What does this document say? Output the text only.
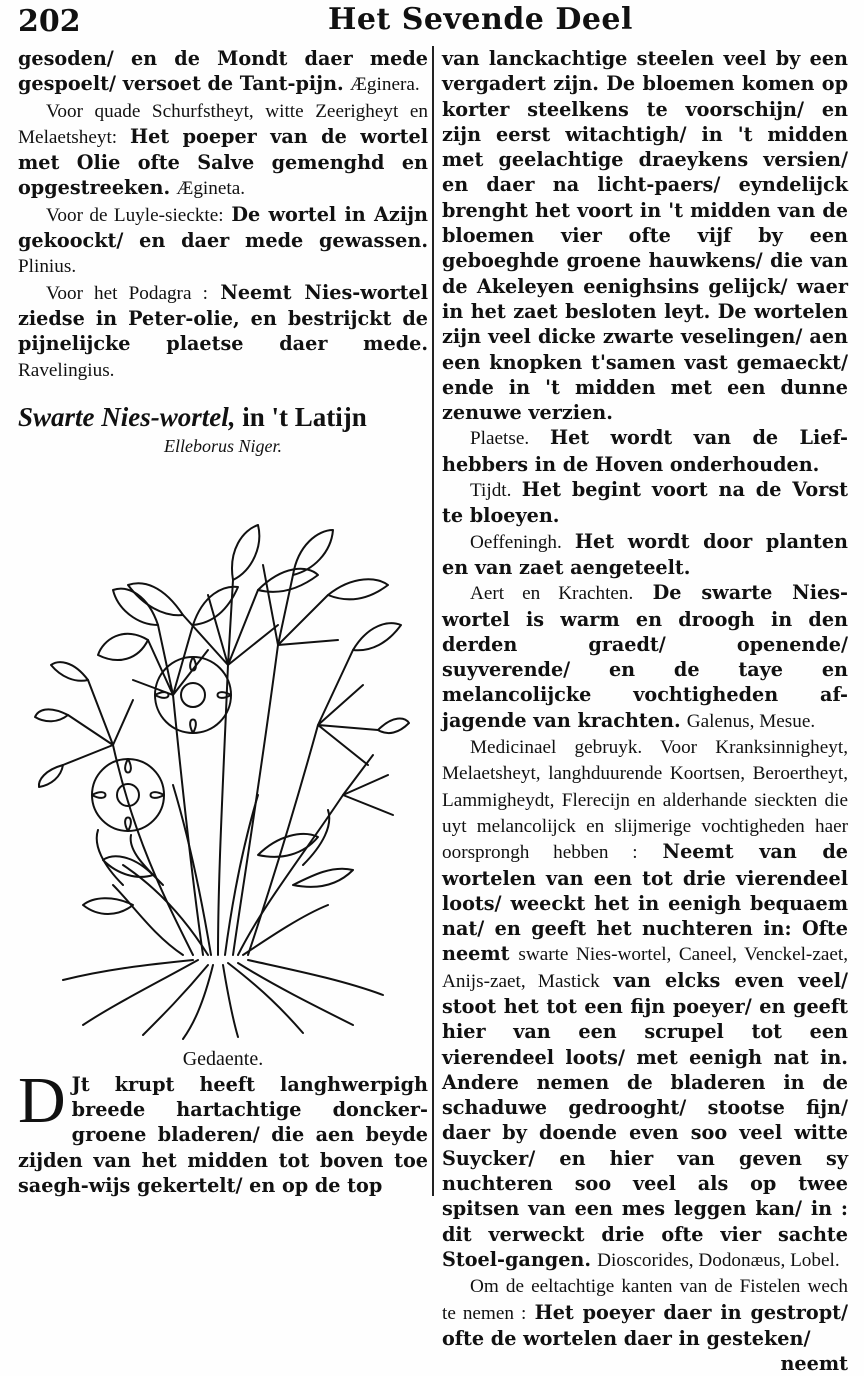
202	Het Sevende Deel

gesoden/ en de Mondt daer mede gespoelt/ versoet de Tant-pijn. Æginera.

Voor quade Schurfstheyt, witte Zeerigheyt en Melaetsheyt: Het poeper van de wortel met Olie ofte Salve gemenghd en opgestreeken. Ægineta.

Voor de Luyle-sieckte: De wortel in Azijn gekoockt/ en daer mede gewassen. Plinius.

Voor het Podagra : Neemt Nies-wortel ziedse in Peter-olie, en bestrijckt de pijnelijcke plaetse daer mede. Ravelingius.

Swarte Nies-wortel, in 't Latijn
Elleborus Niger.
Gedaente.

D Jt krupt heeft langhwerpigh breede hartachtige doncker-groene bladeren/ die aen beyde zijden van het midden tot boven toe saegh-wijs gekertelt/ en op de top

van lanckachtige steelen veel by een vergadert zijn. De bloemen komen op korter steelkens te voorschijn/ en zijn eerst witachtigh/ in 't midden met geelachtige draeykens versien/ en daer na licht-paers/ eyndelijck brenght het voort in 't midden van de bloemen vier ofte vijf by een geboeghde groene hauwkens/ die van de Akeleyen eenighsins gelijck/ waer in het zaet besloten leyt. De wortelen zijn veel dicke zwarte veselingen/ aen een knopken t'samen vast gemaeckt/ ende in 't midden met een dunne zenuwe verzien.

Plaetse. Het wordt van de Lief-hebbers in de Hoven onderhouden.

Tijdt. Het begint voort na de Vorst te bloeyen.

Oeffeningh. Het wordt door planten en van zaet aengeteelt.

Aert en Krachten. De swarte Nies-wortel is warm en droogh in den derden graedt/ openende/ suyverende/ en de taye en melancolijcke vochtigheden af-jagende van krachten. Galenus, Mesue.

Medicinael gebruyk. Voor Kranksinnigheyt, Melaetsheyt, langhduurende Koortsen, Beroertheyt, Lammigheydt, Flerecijn en alderhande sieckten die uyt melancolijck en slijmerige vochtigheden haer oorsprongh hebben : Neemt van de wortelen van een tot drie vierendeel loots/ weeckt het in eenigh bequaem nat/ en geeft het nuchteren in: Ofte neemt swarte Nies-wortel, Caneel, Venckel-zaet, Anijs-zaet, Mastick van elcks even veel/ stoot het tot een fijn poeyer/ en geeft hier van een scrupel tot een vierendeel loots/ met eenigh nat in. Andere nemen de bladeren in de schaduwe gedrooght/ stootse fijn/ daer by doende even soo veel witte Suycker/ en hier van geven sy nuchteren soo veel als op twee spitsen van een mes leggen kan/ in : dit verweckt drie ofte vier sachte Stoel-gangen. Dioscorides, Dodonæus, Lobel.

Om de eeltachtige kanten van de Fistelen wech te nemen : Het poeyer daer in gestropt/ ofte de wortelen daer in gesteken/

neemt
